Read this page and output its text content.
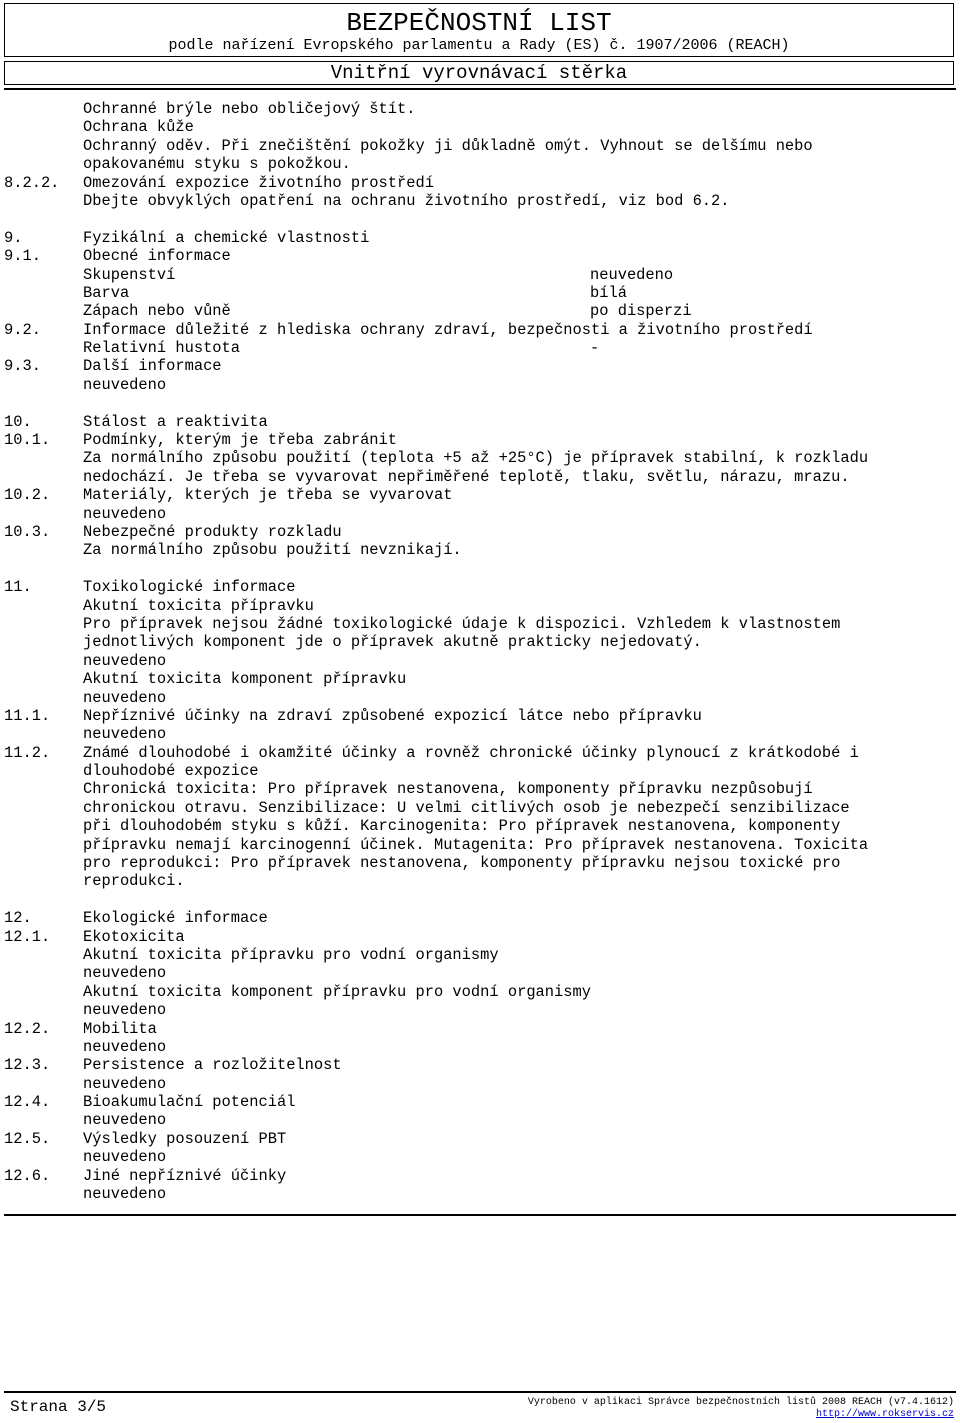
BEZPEČNOSTNÍ LIST
podle nařízení Evropského parlamentu a Rady (ES) č. 1907/2006 (REACH)
Vnitřní vyrovnávací stěrka
Ochranné brýle nebo obličejový štít.
Ochrana kůže
Ochranný oděv. Při znečištění pokožky ji důkladně omýt. Vyhnout se delšímu nebo
opakovanému styku s pokožkou.
8.2.2.	Omezování expozice životního prostředí
Dbejte obvyklých opatření na ochranu životního prostředí, viz bod 6.2.
9.	Fyzikální a chemické vlastnosti
9.1.	Obecné informace
Skupenství	neuvedeno
Barva	bílá
Zápach nebo vůně	po disperzi
9.2.	Informace důležité z hlediska ochrany zdraví, bezpečnosti a životního prostředí
Relativní hustota	-
9.3.	Další informace
neuvedeno
10.	Stálost a reaktivita
10.1.	Podmínky, kterým je třeba zabránit
Za normálního způsobu použití (teplota +5 až +25°C) je přípravek stabilní, k rozkladu
nedochází. Je třeba se vyvarovat nepřiměřené teplotě, tlaku, světlu, nárazu, mrazu.
10.2.	Materiály, kterých je třeba se vyvarovat
neuvedeno
10.3.	Nebezpečné produkty rozkladu
Za normálního způsobu použití nevznikají.
11.	Toxikologické informace
Akutní toxicita přípravku
Pro přípravek nejsou žádné toxikologické údaje k dispozici. Vzhledem k vlastnostem
jednotlivých komponent jde o přípravek akutně prakticky nejedovatý.
neuvedeno
Akutní toxicita komponent přípravku
neuvedeno
11.1.	Nepříznivé účinky na zdraví způsobené expozicí látce nebo přípravku
neuvedeno
11.2.	Známé dlouhodobé i okamžité účinky a rovněž chronické účinky plynoucí z krátkodobé i
dlouhodobé expozice
Chronická toxicita: Pro přípravek nestanovena, komponenty přípravku nezpůsobují
chronickou otravu. Senzibilizace: U velmi citlivých osob je nebezpečí senzibilizace
při dlouhodobém styku s kůží. Karcinogenita: Pro přípravek nestanovena, komponenty
přípravku nemají karcinogenní účinek. Mutagenita: Pro přípravek nestanovena. Toxicita
pro reprodukci: Pro přípravek nestanovena, komponenty přípravku nejsou toxické pro
reprodukci.
12.	Ekologické informace
12.1.	Ekotoxicita
Akutní toxicita přípravku pro vodní organismy
neuvedeno
Akutní toxicita komponent přípravku pro vodní organismy
neuvedeno
12.2.	Mobilita
neuvedeno
12.3.	Persistence a rozložitelnost
neuvedeno
12.4.	Bioakumulační potenciál
neuvedeno
12.5.	Výsledky posouzení PBT
neuvedeno
12.6.	Jiné nepříznivé účinky
neuvedeno
Strana 3/5	Vyrobeno v aplikaci Správce bezpečnostních listů 2008 REACH (v7.4.1612)
http://www.rokservis.cz
